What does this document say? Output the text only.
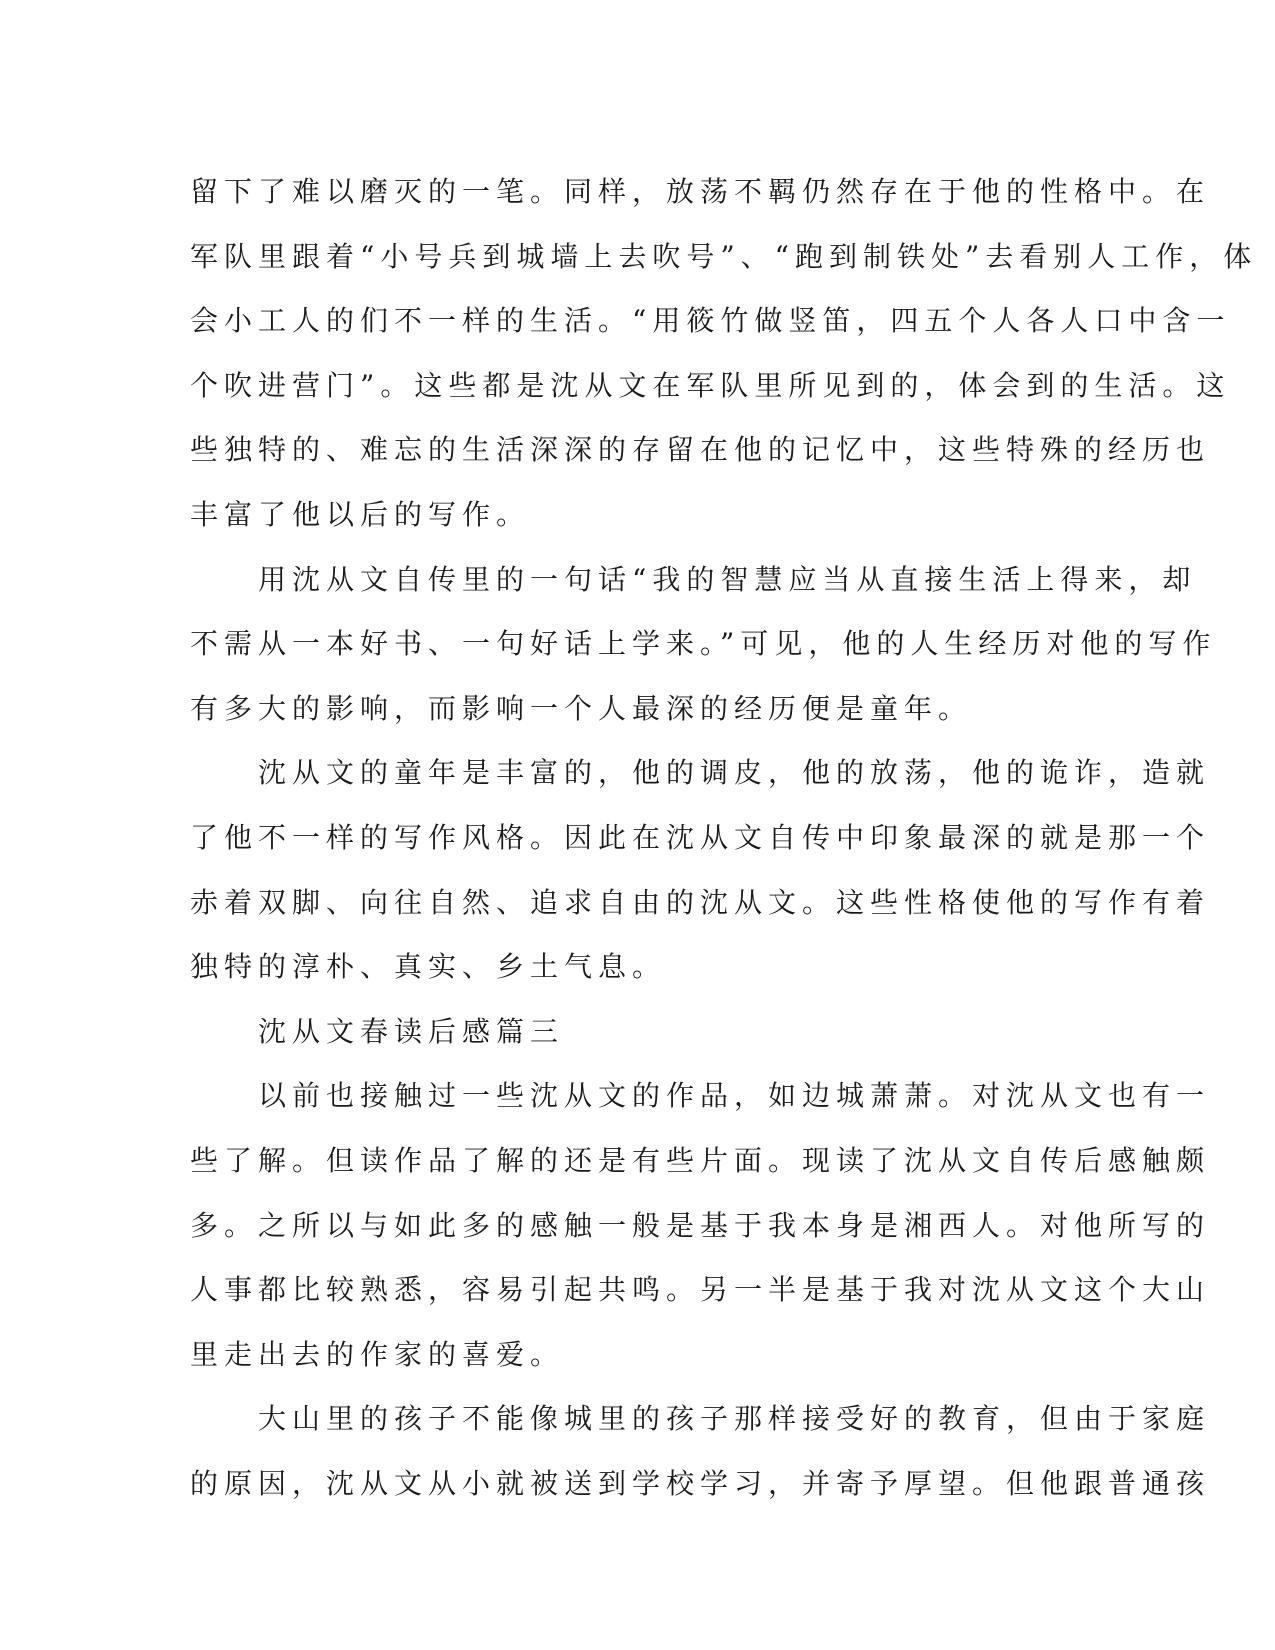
留下了难以磨灭的一笔。同样，放荡不羁仍然存在于他的性格中。在
军队里跟着“小号兵到城墙上去吹号”、“跑到制铁处”去看别人工作，体
会小工人的们不一样的生活。“用筱竹做竖笛，四五个人各人口中含一
个吹进营门”。这些都是沈从文在军队里所见到的，体会到的生活。这
些独特的、难忘的生活深深的存留在他的记忆中，这些特殊的经历也
丰富了他以后的写作。
用沈从文自传里的一句话“我的智慧应当从直接生活上得来，却
不需从一本好书、一句好话上学来。”可见，他的人生经历对他的写作
有多大的影响，而影响一个人最深的经历便是童年。
沈从文的童年是丰富的，他的调皮，他的放荡，他的诡诈，造就
了他不一样的写作风格。因此在沈从文自传中印象最深的就是那一个
赤着双脚、向往自然、追求自由的沈从文。这些性格使他的写作有着
独特的淳朴、真实、乡土气息。
沈从文春读后感篇三
以前也接触过一些沈从文的作品，如边城萧萧。对沈从文也有一
些了解。但读作品了解的还是有些片面。现读了沈从文自传后感触颇
多。之所以与如此多的感触一般是基于我本身是湘西人。对他所写的
人事都比较熟悉，容易引起共鸣。另一半是基于我对沈从文这个大山
里走出去的作家的喜爱。
大山里的孩子不能像城里的孩子那样接受好的教育，但由于家庭
的原因，沈从文从小就被送到学校学习，并寄予厚望。但他跟普通孩
